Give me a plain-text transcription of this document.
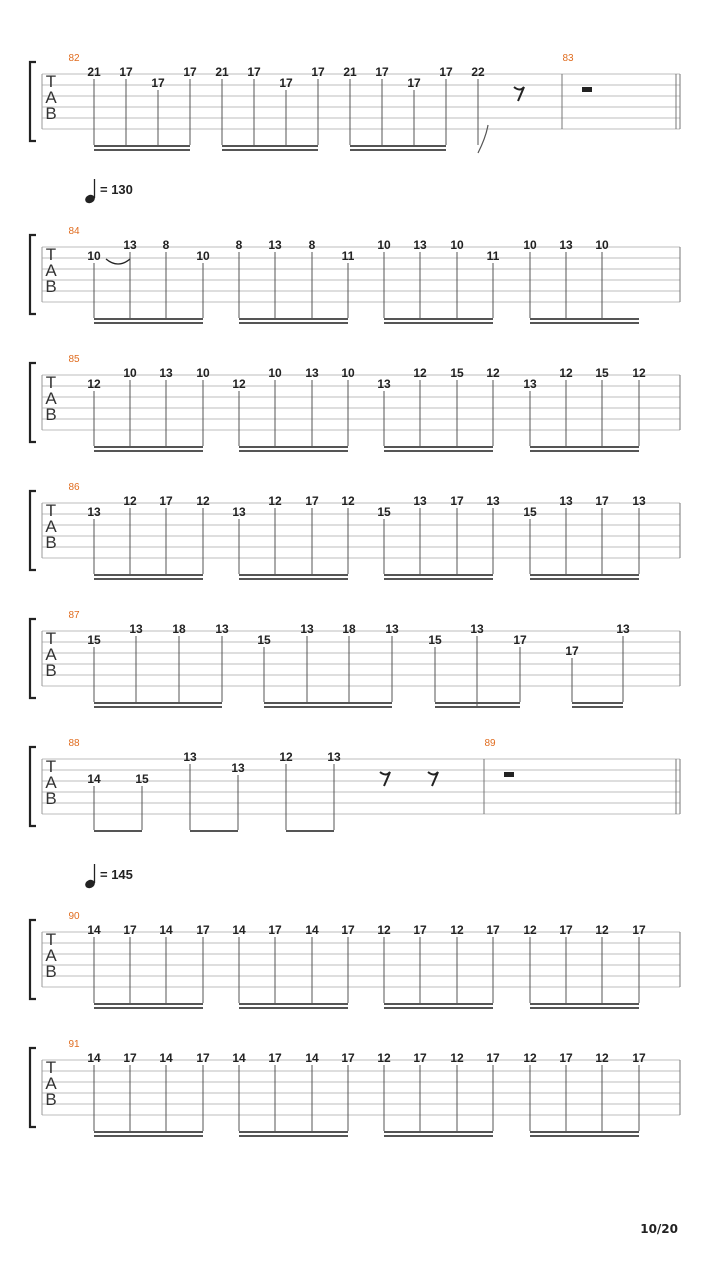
T
A
B
82
21 17
17
17 21 17
17
17 21 17
17
17 22
83
T
A
B
= 130
84
10
13 8
10
8 13 8
11
10 13 10
11
10 13 10
T
A
B
85
12
10 13 10
12
10 13 10
13
12 15 12
13
12 15 12
T
A
B
86
13
12 17 12
13
12 17 12
15
13 17 13
15
13 17 13
T
A
B
87
15
13 18 13
15
13 18 13
15
13
17
17
13
T
A
B
88
14	15
13
13
12	13
89
T
A
B
= 145
90
14 17 14 17 14 17 14 17 12 17 12 17 12 17 12 17
T
A
B
91
14 17 14 17 14 17 14 17 12 17 12 17 12 17 12 17
10/20
